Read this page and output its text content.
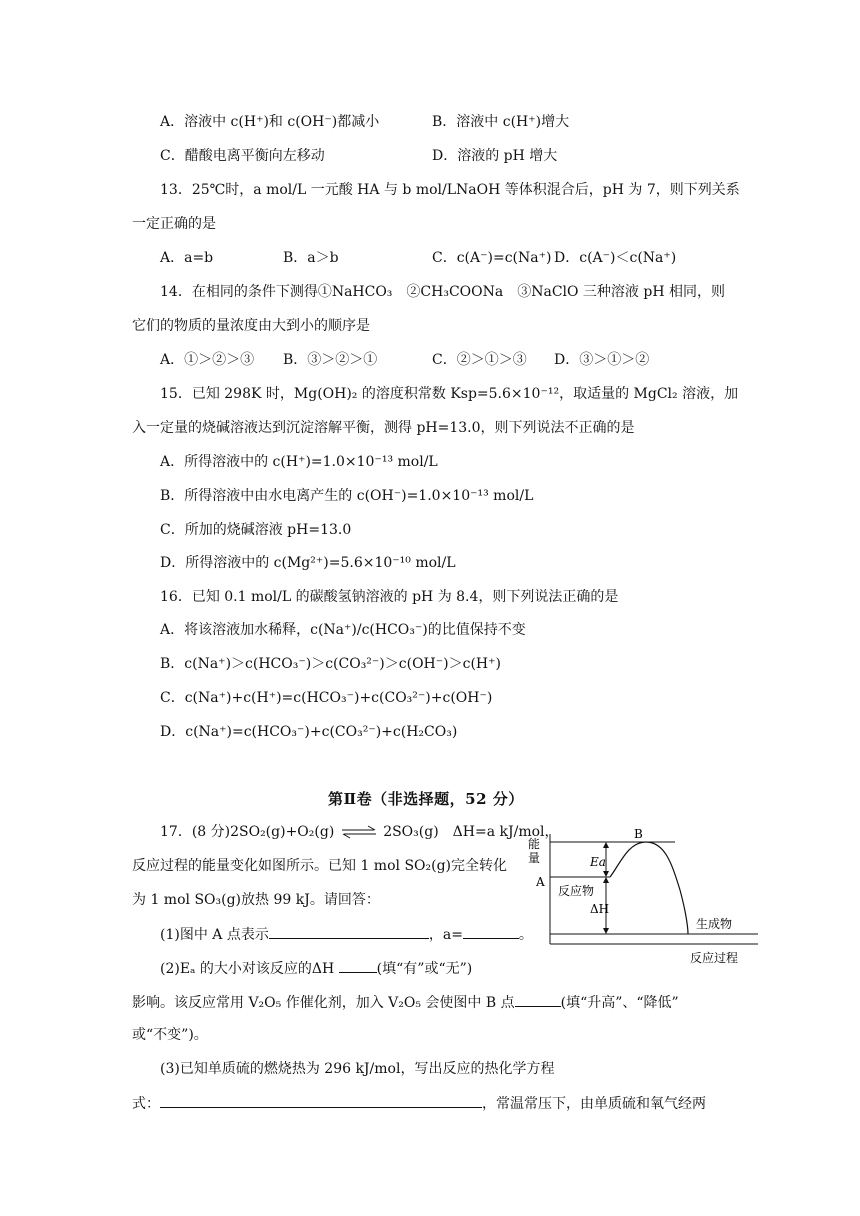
A．溶液中 c(H⁺)和 c(OH⁻)都减小	B．溶液中 c(H⁺)增大
C．醋酸电离平衡向左移动	D．溶液的 pH 增大
13．25℃时，a mol/L 一元酸 HA 与 b mol/LNaOH 等体积混合后，pH 为 7，则下列关系
一定正确的是
A．a=b	B．a＞b	C．c(A⁻)=c(Na⁺) D．c(A⁻)＜c(Na⁺)
14．在相同的条件下测得①NaHCO₃　②CH₃COONa　③NaClO 三种溶液 pH 相同，则
它们的物质的量浓度由大到小的顺序是
A．①＞②＞③ B．③＞②＞①	C．②＞①＞③ D．③＞①＞②
15．已知 298K 时，Mg(OH)₂ 的溶度积常数 Ksp=5.6×10⁻¹²，取适量的 MgCl₂ 溶液，加
入一定量的烧碱溶液达到沉淀溶解平衡，测得 pH=13.0，则下列说法不正确的是
A．所得溶液中的 c(H⁺)=1.0×10⁻¹³ mol/L
B．所得溶液中由水电离产生的 c(OH⁻)=1.0×10⁻¹³ mol/L
C．所加的烧碱溶液 pH=13.0
D．所得溶液中的 c(Mg²⁺)=5.6×10⁻¹⁰ mol/L
16．已知 0.1 mol/L 的碳酸氢钠溶液的 pH 为 8.4，则下列说法正确的是
A．将该溶液加水稀释，c(Na⁺)/c(HCO₃⁻)的比值保持不变
B．c(Na⁺)＞c(HCO₃⁻)＞c(CO₃²⁻)＞c(OH⁻)＞c(H⁺)
C．c(Na⁺)+c(H⁺)=c(HCO₃⁻)+c(CO₃²⁻)+c(OH⁻)
D．c(Na⁺)=c(HCO₃⁻)+c(CO₃²⁻)+c(H₂CO₃)
第Ⅱ卷（非选择题，52 分）
17．(8 分)2SO₂(g)+O₂(g) ⇌ 2SO₃(g)　ΔH=a kJ/mol，
反应过程的能量变化如图所示。已知 1 mol SO₂(g)完全转化
为 1 mol SO₃(g)放热 99 kJ。请回答：
(1)图中 A 点表示	，a=	。
(2)Eₐ 的大小对该反应的ΔH	(填“有”或“无”)
影响。该反应常用 V₂O₅ 作催化剂，加入 V₂O₅ 会使图中 B 点	(填“升高”、“降低”
或“不变”)。
(3)已知单质硫的燃烧热为 296 kJ/mol，写出反应的热化学方程
式：	，常温常压下，由单质硫和氧气经两
能
量
B
Ea
A
反应物
ΔH
生成物
反应过程
